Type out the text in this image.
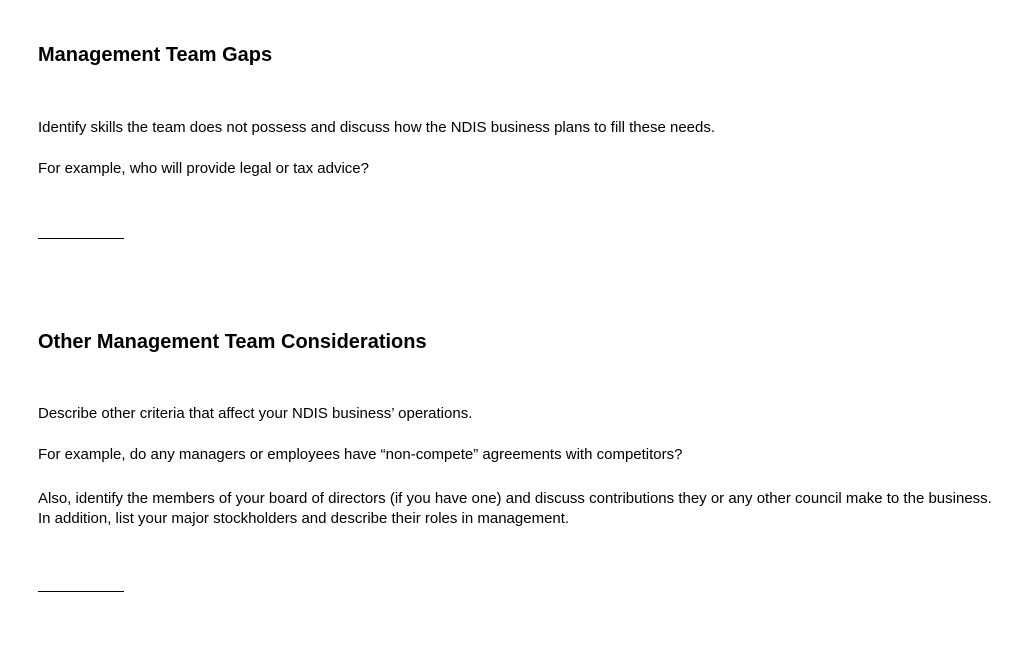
Management Team Gaps

Identify skills the team does not possess and discuss how the NDIS business plans to fill these needs.

For example, who will provide legal or tax advice?

Other Management Team Considerations

Describe other criteria that affect your NDIS business’ operations.

For example, do any managers or employees have “non-compete” agreements with competitors?

Also, identify the members of your board of directors (if you have one) and discuss contributions they or any other council make to the business. In addition, list your major stockholders and describe their roles in management.
